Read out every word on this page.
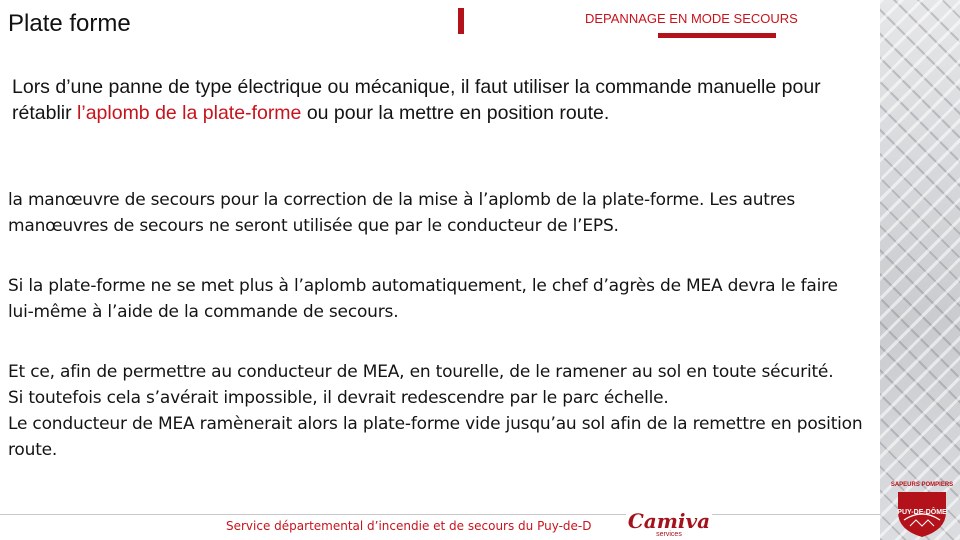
Plate forme	DEPANNAGE EN MODE SECOURS

Lors d’une panne de type électrique ou mécanique, il faut utiliser la commande manuelle pour rétablir l’aplomb de la plate-forme ou pour la mettre en position route.

la manœuvre de secours pour la correction de la mise à l’aplomb de la plate-forme. Les autres manœuvres de secours ne seront utilisée que par le conducteur de l’EPS.

Si la plate-forme ne se met plus à l’aplomb automatiquement, le chef d’agrès de MEA devra le faire lui-même à l’aide de la commande de secours.

Et ce, afin de permettre au conducteur de MEA, en tourelle, de le ramener au sol en toute sécurité.
Si toutefois cela s’avérait impossible, il devrait redescendre par le parc échelle.
Le conducteur de MEA ramènerait alors la plate-forme vide jusqu’au sol afin de la remettre en position route.

Service départemental d’incendie et de secours du Puy-de-D Camiva
services
SAPEURS POMPIERS
PUY-DE-DÔME
